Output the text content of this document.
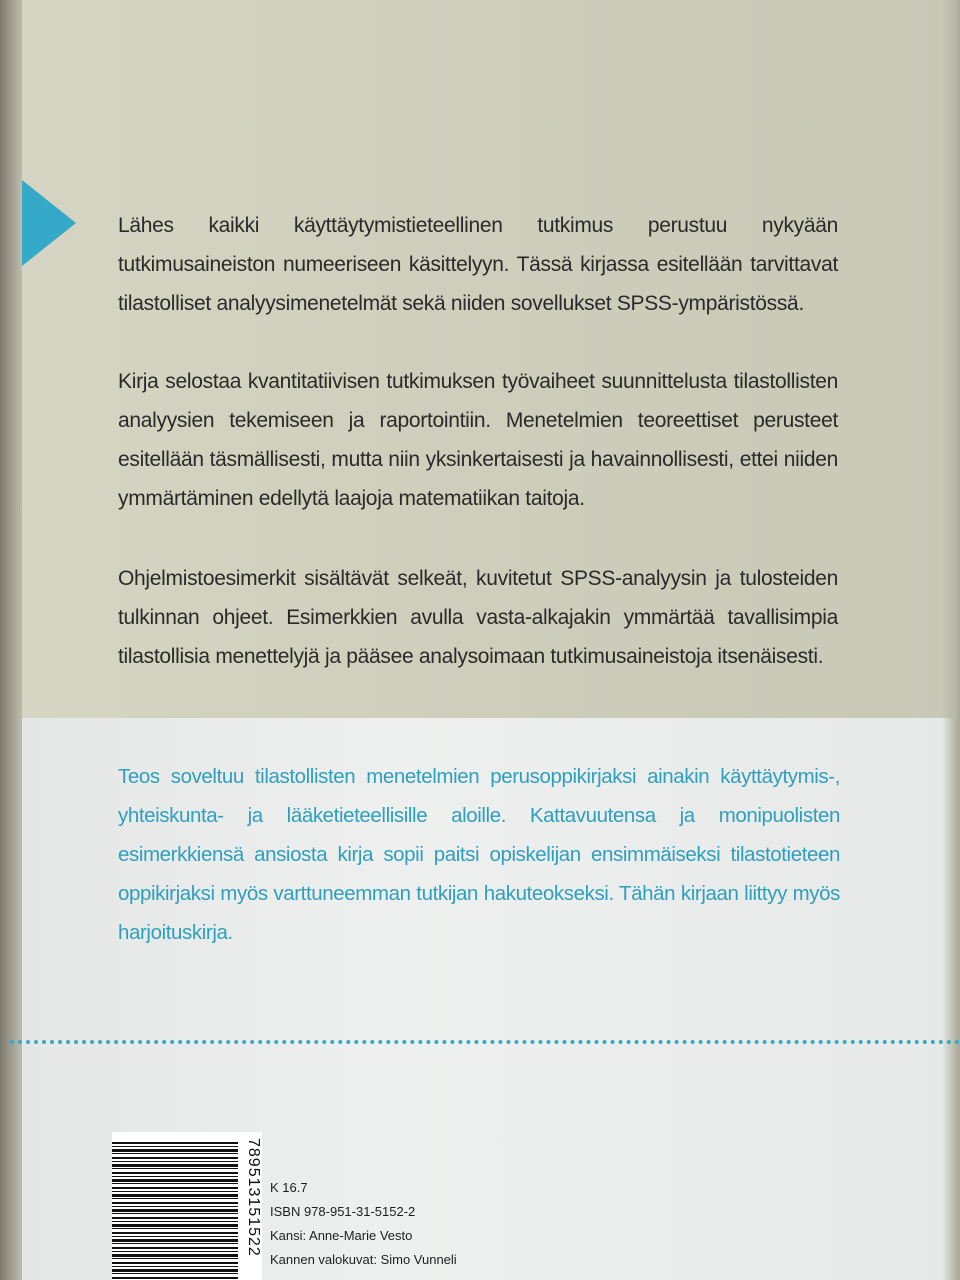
Lähes kaikki käyttäytymistieteellinen tutkimus perustuu nykyään tutkimusaineiston numeeriseen käsittelyyn. Tässä kirjassa esitellään tarvittavat tilastolliset analyysimenetelmät sekä niiden sovellukset SPSS-ympäristössä.

Kirja selostaa kvantitatiivisen tutkimuksen työvaiheet suunnittelusta tilastollisten analyysien tekemiseen ja raportointiin. Menetelmien teoreettiset perusteet esitellään täsmällisesti, mutta niin yksinkertaisesti ja havainnollisesti, ettei niiden ymmärtäminen edellytä laajoja matematiikan taitoja.

Ohjelmistoesimerkit sisältävät selkeät, kuvitetut SPSS-analyysin ja tulosteiden tulkinnan ohjeet. Esimerkkien avulla vasta-alkajakin ymmärtää tavallisimpia tilastollisia menettelyjä ja pääsee analysoimaan tutkimusaineistoja itsenäisesti.

Teos soveltuu tilastollisten menetelmien perusoppikirjaksi ainakin käyttäytymis-, yhteiskunta- ja lääketieteellisille aloille. Kattavuutensa ja monipuolisten esimerkkiensä ansiosta kirja sopii paitsi opiskelijan ensimmäiseksi tilastotieteen oppikirjaksi myös varttuneemman tutkijan hakuteokseksi. Tähän kirjaan liittyy myös harjoituskirja.

789513151522 K 16.7
ISBN 978-951-31-5152-2
Kansi: Anne-Marie Vesto
Kannen valokuvat: Simo Vunneli
